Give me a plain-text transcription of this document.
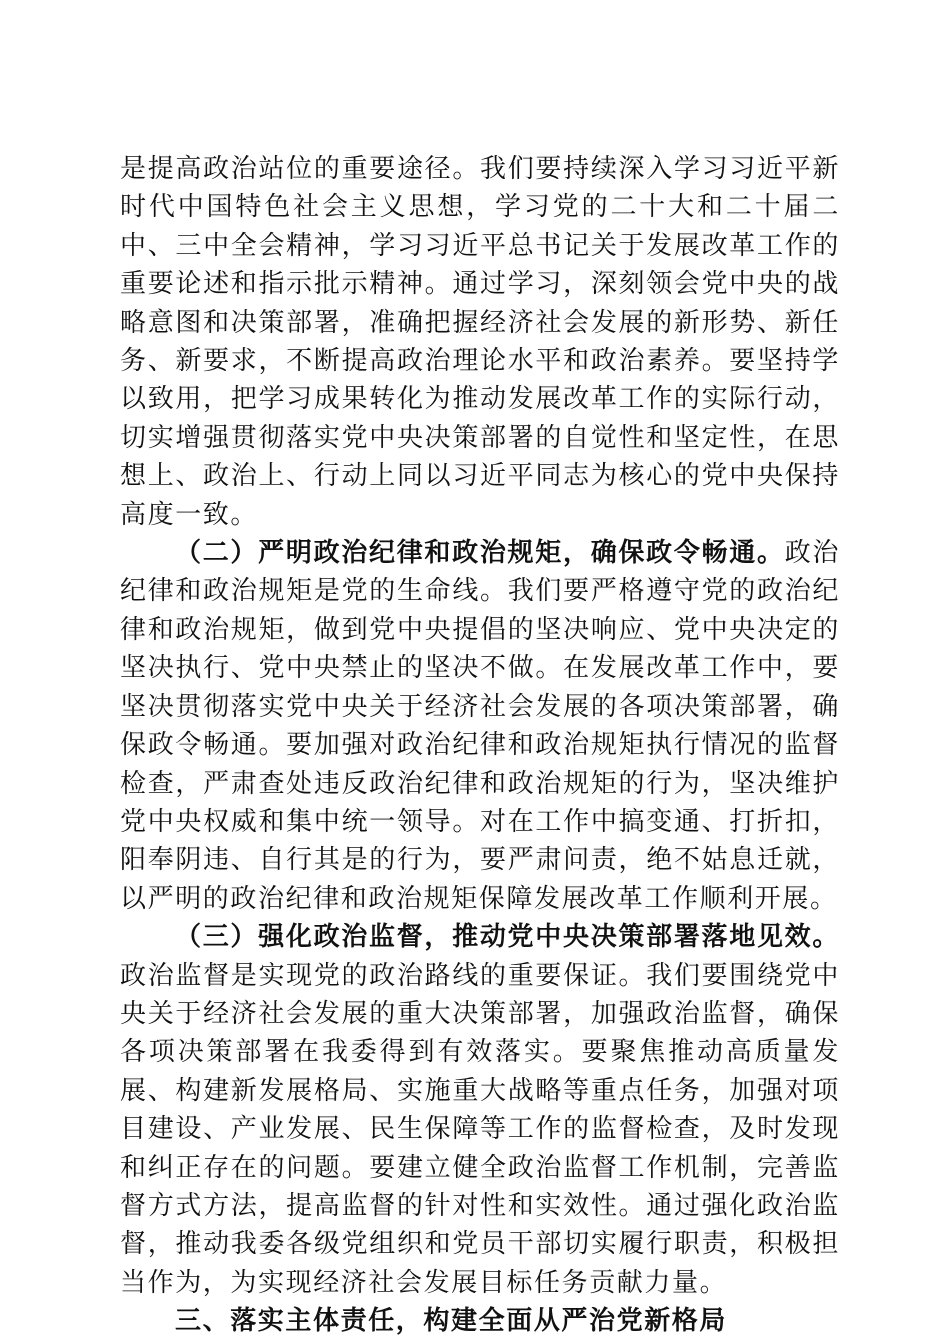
是提高政治站位的重要途径。我们要持续深入学习习近平新时代中国特色社会主义思想，学习党的二十大和二十届二中、三中全会精神，学习习近平总书记关于发展改革工作的重要论述和指示批示精神。通过学习，深刻领会党中央的战略意图和决策部署，准确把握经济社会发展的新形势、新任务、新要求，不断提高政治理论水平和政治素养。要坚持学以致用，把学习成果转化为推动发展改革工作的实际行动，切实增强贯彻落实党中央决策部署的自觉性和坚定性，在思想上、政治上、行动上同以习近平同志为核心的党中央保持高度一致。

（二）严明政治纪律和政治规矩，确保政令畅通。政治纪律和政治规矩是党的生命线。我们要严格遵守党的政治纪律和政治规矩，做到党中央提倡的坚决响应、党中央决定的坚决执行、党中央禁止的坚决不做。在发展改革工作中，要坚决贯彻落实党中央关于经济社会发展的各项决策部署，确保政令畅通。要加强对政治纪律和政治规矩执行情况的监督检查，严肃查处违反政治纪律和政治规矩的行为，坚决维护党中央权威和集中统一领导。对在工作中搞变通、打折扣，阳奉阴违、自行其是的行为，要严肃问责，绝不姑息迁就，以严明的政治纪律和政治规矩保障发展改革工作顺利开展。

（三）强化政治监督，推动党中央决策部署落地见效。政治监督是实现党的政治路线的重要保证。我们要围绕党中央关于经济社会发展的重大决策部署，加强政治监督，确保各项决策部署在我委得到有效落实。要聚焦推动高质量发展、构建新发展格局、实施重大战略等重点任务，加强对项目建设、产业发展、民生保障等工作的监督检查，及时发现和纠正存在的问题。要建立健全政治监督工作机制，完善监督方式方法，提高监督的针对性和实效性。通过强化政治监督，推动我委各级党组织和党员干部切实履行职责，积极担当作为，为实现经济社会发展目标任务贡献力量。

三、落实主体责任，构建全面从严治党新格局
